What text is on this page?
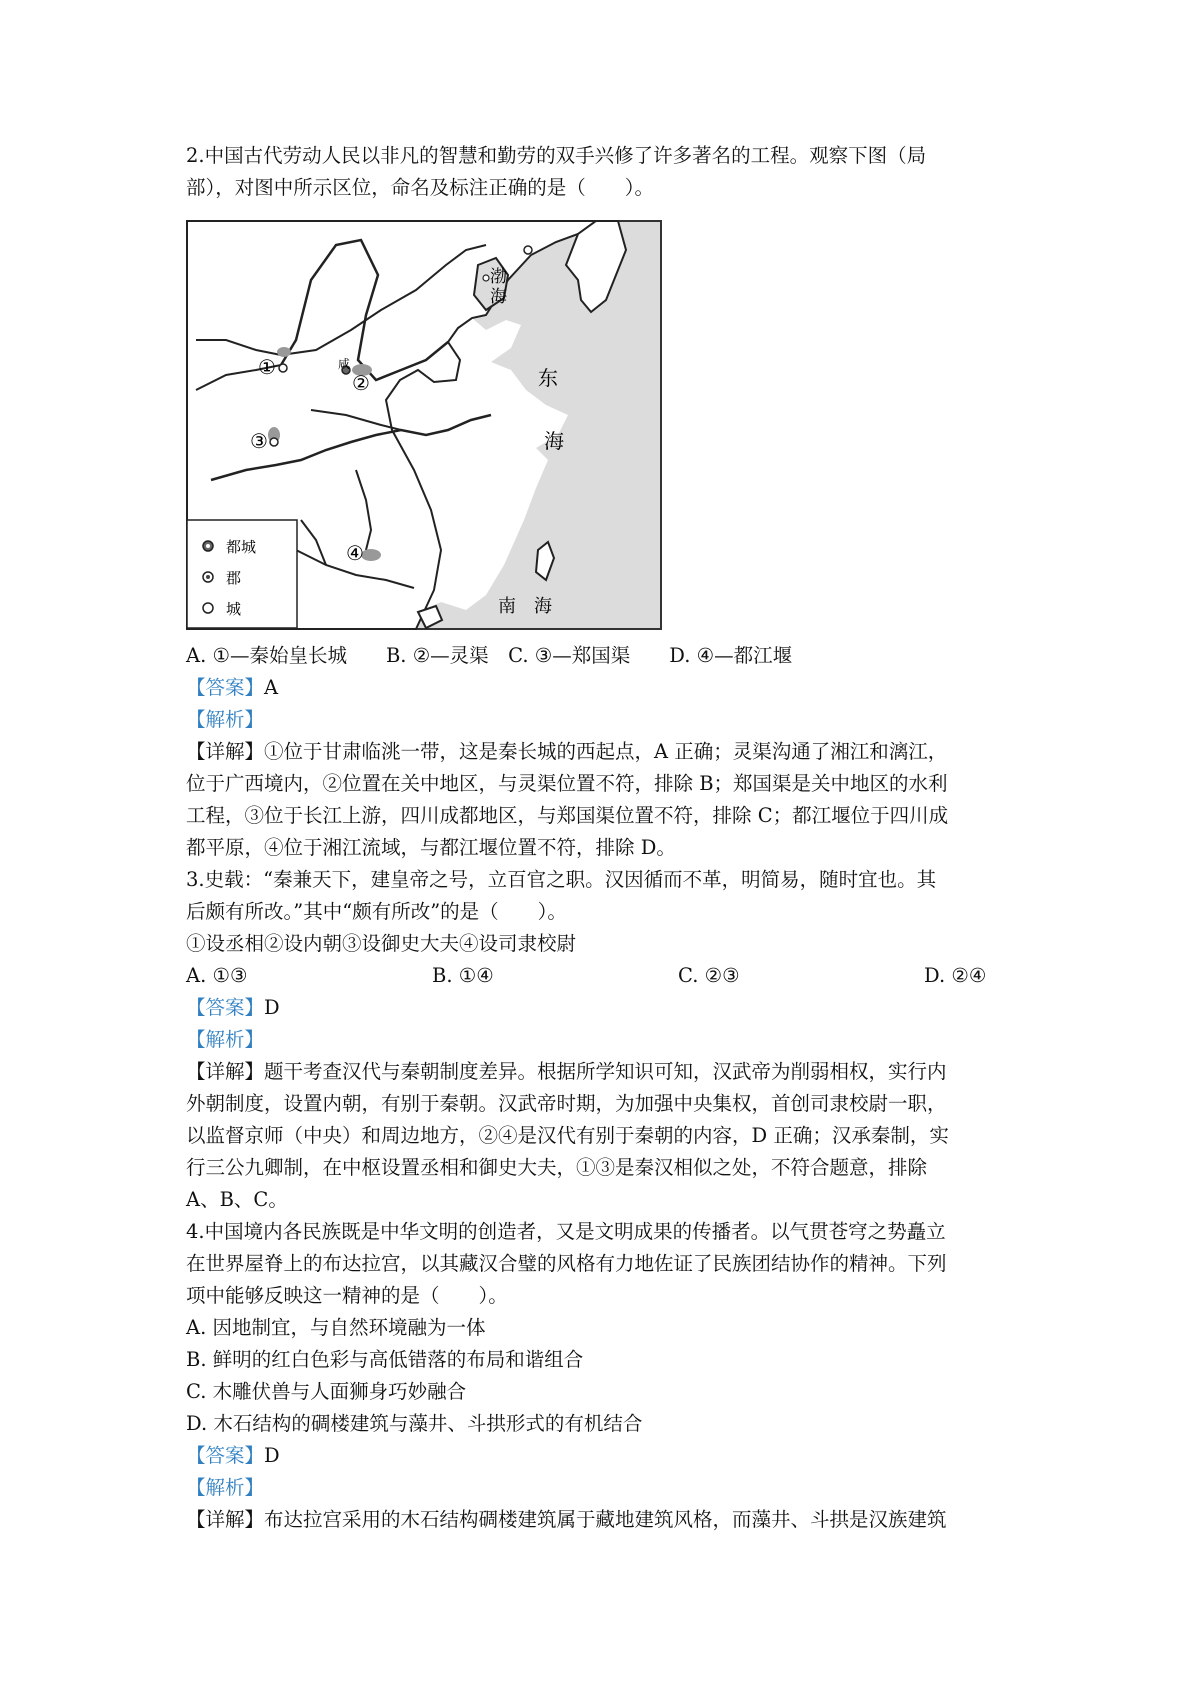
2.中国古代劳动人民以非凡的智慧和勤劳的双手兴修了许多著名的工程。观察下图（局
部），对图中所示区位，命名及标注正确的是（　　）。
渤
海
东
海
南　海
咸
①
②
③
④
都城
郡
城
A. ①—秦始皇长城　　B. ②—灵渠　C. ③—郑国渠　　D. ④—都江堰
【答案】A
【解析】
【详解】①位于甘肃临洮一带，这是秦长城的西起点，A 正确；灵渠沟通了湘江和漓江，
位于广西境内，②位置在关中地区，与灵渠位置不符，排除 B；郑国渠是关中地区的水利
工程，③位于长江上游，四川成都地区，与郑国渠位置不符，排除 C；都江堰位于四川成
都平原，④位于湘江流域，与都江堰位置不符，排除 D。
3.史载：“秦兼天下，建皇帝之号，立百官之职。汉因循而不革，明简易，随时宜也。其
后颇有所改。”其中“颇有所改”的是（　　）。
①设丞相②设内朝③设御史大夫④设司隶校尉
A. ①③	B. ①④	C. ②③	D. ②④
【答案】D
【解析】
【详解】题干考查汉代与秦朝制度差异。根据所学知识可知，汉武帝为削弱相权，实行内
外朝制度，设置内朝，有别于秦朝。汉武帝时期，为加强中央集权，首创司隶校尉一职，
以监督京师（中央）和周边地方，②④是汉代有别于秦朝的内容，D 正确；汉承秦制，实
行三公九卿制，在中枢设置丞相和御史大夫，①③是秦汉相似之处，不符合题意，排除
A、B、C。
4.中国境内各民族既是中华文明的创造者，又是文明成果的传播者。以气贯苍穹之势矗立
在世界屋脊上的布达拉宫，以其藏汉合璧的风格有力地佐证了民族团结协作的精神。下列
项中能够反映这一精神的是（　　）。
A. 因地制宜，与自然环境融为一体
B. 鲜明的红白色彩与高低错落的布局和谐组合
C. 木雕伏兽与人面狮身巧妙融合
D. 木石结构的碉楼建筑与藻井、斗拱形式的有机结合
【答案】D
【解析】
【详解】布达拉宫采用的木石结构碉楼建筑属于藏地建筑风格，而藻井、斗拱是汉族建筑
